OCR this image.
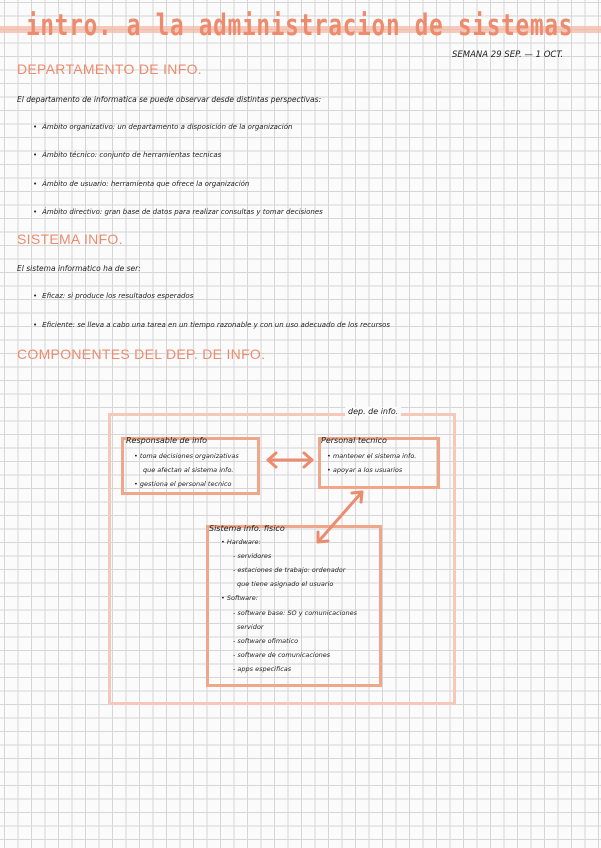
intro. a la administracion de sistemas
SEMANA 29 SEP. — 1 OCT.
DEPARTAMENTO DE INFO.
El departamento de informatica se puede observar desde distintas perspectivas:
• Ámbito organizativo: un departamento a disposición de la organización
• Ámbito técnico: conjunto de herramientas tecnicas
• Ámbito de usuario: herramienta que ofrece la organización
• Ámbito directivo: gran base de datos para realizar consultas y tomar decisiones
SISTEMA INFO.
El sistema informatico ha de ser:
• Eficaz: si produce los resultados esperados
• Eficiente: se lleva a cabo una tarea en un tiempo razonable y con un uso adecuado de los recursos
COMPONENTES DEL DEP. DE INFO.
dep. de info.
Responsable de info
• toma decisiones organizativas
que afectan al sistema info.
• gestiona el personal tecnico
Personal tecnico
• mantener el sistema info.
• apoyar a los usuarios
Sistema info. fisico
• Hardware:
- servidores
- estaciones de trabajo: ordenador
que tiene asignado el usuario
• Software:
- software base: SO y comunicaciones
servidor
- software ofimatico
- software de comunicaciones
- apps especificas
